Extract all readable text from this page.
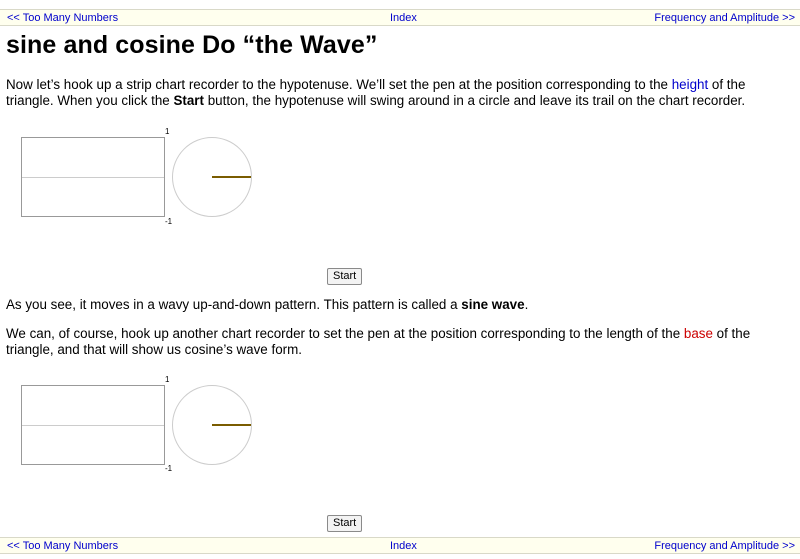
<< Too Many Numbers	Index	Frequency and Amplitude >>
sine and cosine Do “the Wave”

Now let’s hook up a strip chart recorder to the hypotenuse. We’ll set the pen at the position corresponding to the height of the triangle. When you click the Start button, the hypotenuse will swing around in a circle and leave its trail on the chart recorder.

1
-1
Start

As you see, it moves in a wavy up-and-down pattern. This pattern is called a sine wave.

We can, of course, hook up another chart recorder to set the pen at the position corresponding to the length of the base of the triangle, and that will show us cosine’s wave form.

1
-1
Start
<< Too Many Numbers	Index	Frequency and Amplitude >>
